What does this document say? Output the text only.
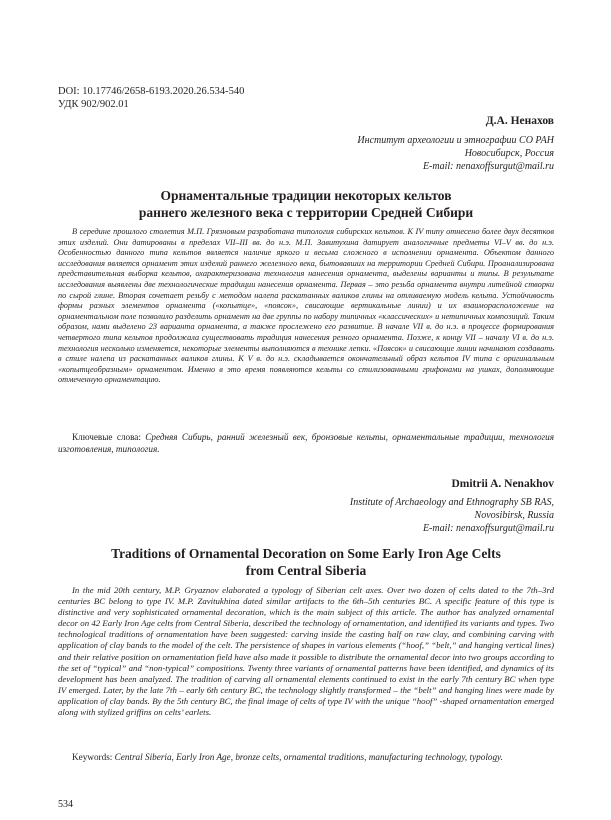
DOI: 10.17746/2658-6193.2020.26.534-540
УДК 902/902.01
Д.А. Ненахов
Институт археологии и этнографии СО РАН
Новосибирск, Россия
E-mail: nenaxoffsurgut@mail.ru
Орнаментальные традиции некоторых кельтов
раннего железного века с территории Средней Сибири

В середине прошлого столетия М.П. Грязновым разработана типология сибирских кельтов. К IV типу отнесено более двух десятков этих изделий. Они датированы в пределах VII–III вв. до н.э. М.П. Завитухина датирует аналогичные предметы VI–V вв. до н.э. Особенностью данного типа кельтов является наличие яркого и весьма сложного в исполнении орнамента. Объектом данного исследования является орнамент этих изделий раннего железного века, бытовавших на территории Средней Сибири. Проанализирована представительная выборка кельтов, охарактеризована технология нанесения орнамента, выделены варианты и типы. В результате исследования выявлены две технологические традиции нанесения орнамента. Первая – это резьба орнамента внутри литейной створки по сырой глине. Вторая сочетает резьбу с методом налепа раскатанных валиков глины на отливаемую модель кельта. Устойчивость формы разных элементов орнамента («копытце», «поясок», свисающие вертикальные линии) и их взаиморасположение на орнаментальном поле позволило разделить орнамент на две группы по набору типичных «классических» и нетипичных композиций. Таким образом, нами выделено 23 варианта орнамента, а также прослежено его развитие. В начале VII в. до н.э. в процессе формирования четвертого типа кельтов продолжала существовать традиция нанесения резного орнамента. Позже, к концу VII – началу VI в. до н.э. технология несколько изменяется, некоторые элементы выполняются в технике лепки. «Поясок» и свисающие линии начинают создавать в стиле налепа из раскатанных валиков глины. К V в. до н.э. складывается окончательный образ кельтов IV типа с оригинальным «копытцеобразным» орнаментом. Именно в это время появляются кельты со стилизованными грифонами на ушках, дополняющие отмеченную орнаментацию.

Ключевые слова: Средняя Сибирь, ранний железный век, бронзовые кельты, орнаментальные традиции, технология изготовления, типология.

Dmitrii A. Nenakhov
Institute of Archaeology and Ethnography SB RAS,
Novosibirsk, Russia
E-mail: nenaxoffsurgut@mail.ru
Traditions of Ornamental Decoration on Some Early Iron Age Celts
from Central Siberia

In the mid 20th century, M.P. Gryaznov elaborated a typology of Siberian celt axes. Over two dozen of celts dated to the 7th–3rd centuries BC belong to type IV. M.P. Zavitukhina dated similar artifacts to the 6th–5th centuries BC. A specific feature of this type is distinctive and very sophisticated ornamental decoration, which is the main subject of this article. The author has analyzed ornamental decor on 42 Early Iron Age celts from Central Siberia, described the technology of ornamentation, and identified its variants and types. Two technological traditions of ornamentation have been suggested: carving inside the casting half on raw clay, and combining carving with application of clay bands to the model of the celt. The persistence of shapes in various elements (“hoof,” “belt,” and hanging vertical lines) and their relative position on ornamentation field have also made it possible to distribute the ornamental decor into two groups according to the set of “typical” and “non-typical” compositions. Twenty three variants of ornamental patterns have been identified, and dynamics of its development has been analyzed. The tradition of carving all ornamental elements continued to exist in the early 7th century BC when type IV emerged. Later, by the late 7th – early 6th century BC, the technology slightly transformed – the “belt” and hanging lines were made by application of clay bands. By the 5th century BC, the final image of celts of type IV with the unique “hoof” -shaped ornamentation emerged along with stylized griffins on celts’ earlets.

Keywords: Central Siberia, Early Iron Age, bronze celts, ornamental traditions, manufacturing technology, typology.

534
